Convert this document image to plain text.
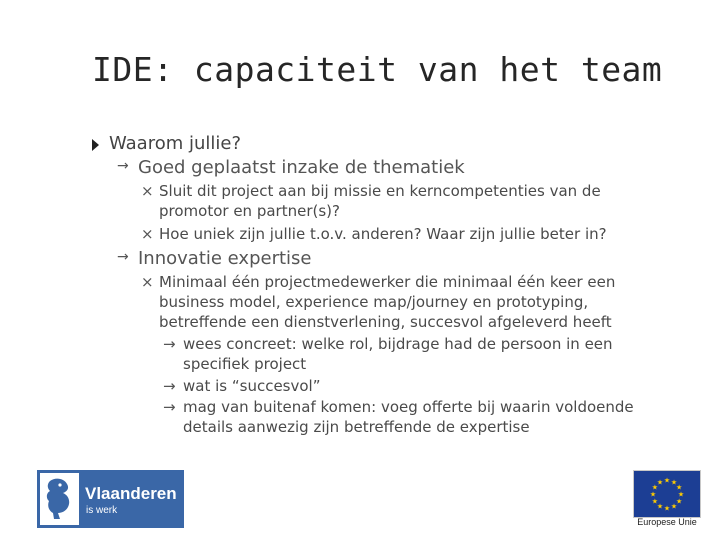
IDE: capaciteit van het team
Waarom jullie?
→ Goed geplaatst inzake de thematiek
× Sluit dit project aan bij missie en kerncompetenties van de
promotor en partner(s)?
× Hoe uniek zijn jullie t.o.v. anderen? Waar zijn jullie beter in?
→ Innovatie expertise
× Minimaal één projectmedewerker die minimaal één keer een
business model, experience map/journey en prototyping,
betreffende een dienstverlening, succesvol afgeleverd heeft
→ wees concreet: welke rol, bijdrage had de persoon in een
specifiek project
→ wat is “succesvol”
→ mag van buitenaf komen: voeg offerte bij waarin voldoende
details aanwezig zijn betreffende de expertise
Vlaanderen
is werk
★ ★
★
★
★
★
★
★
★
★
★
★
Europese Unie
